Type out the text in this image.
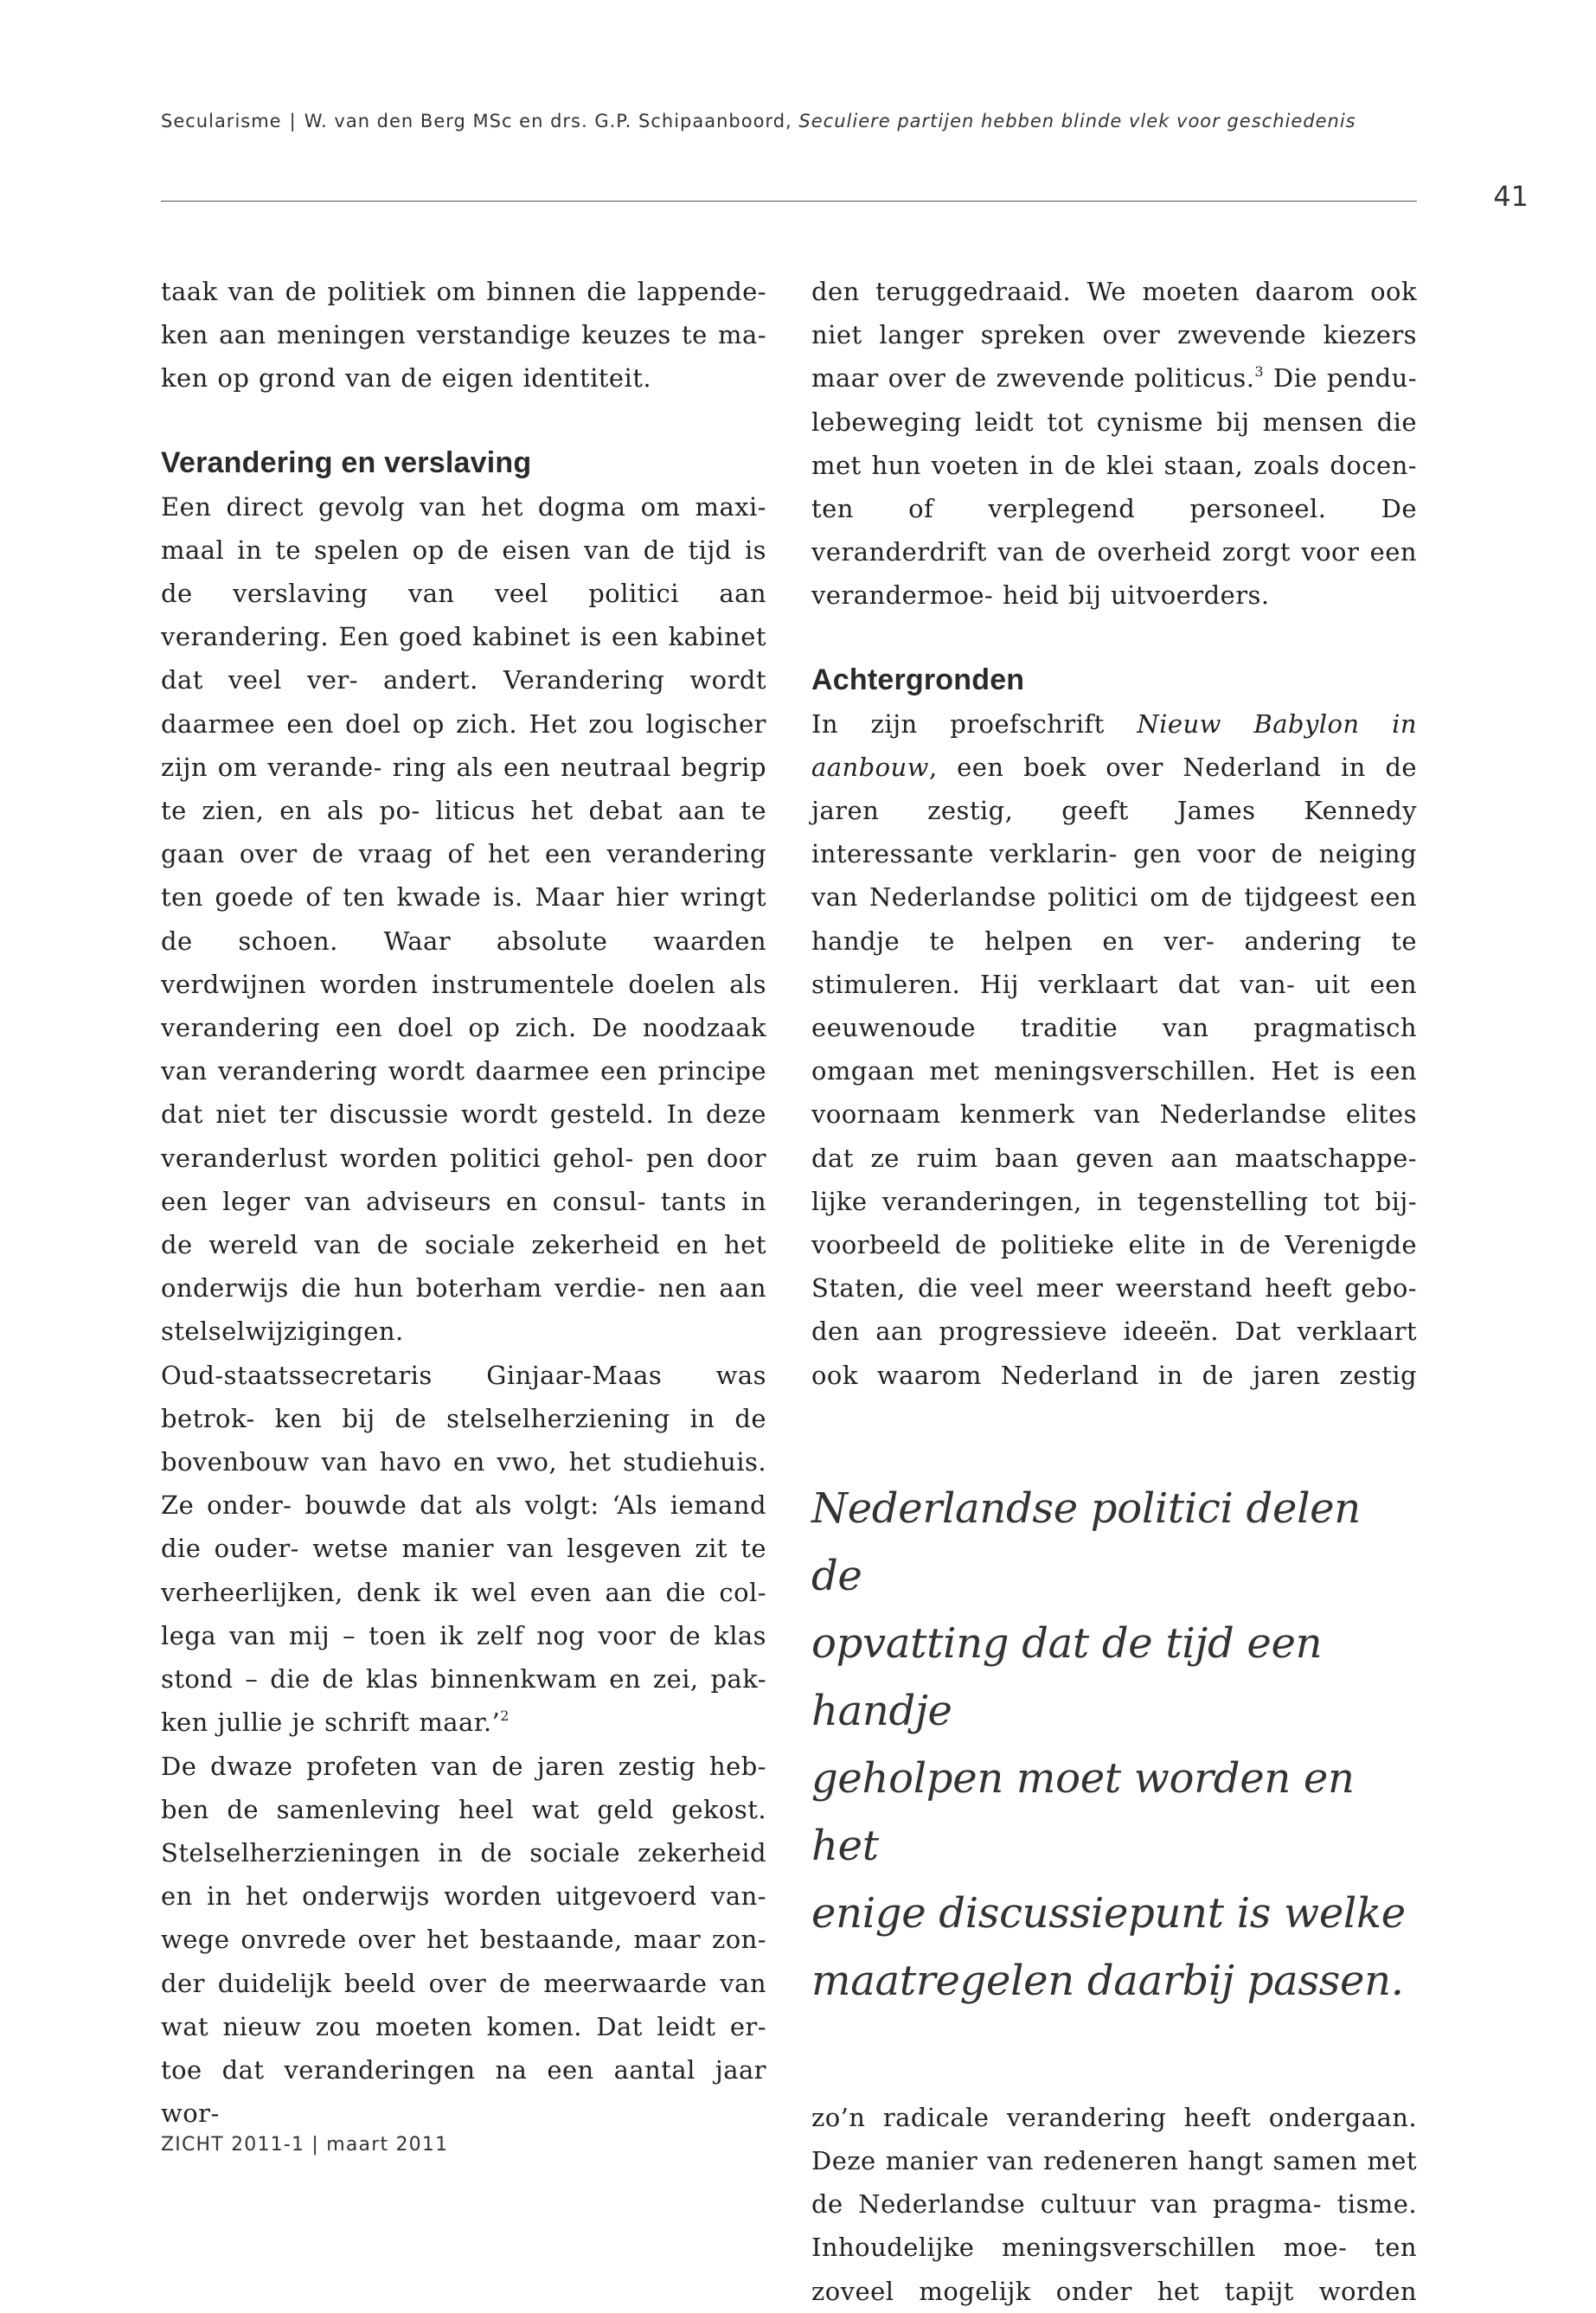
Secularisme | W. van den Berg MSc en drs. G.P. Schipaanboord, Seculiere partijen hebben blinde vlek voor geschiedenis
41

taak van de politiek om binnen die lappende- ken aan meningen verstandige keuzes te ma- ken op grond van de eigen identiteit.

Verandering en verslaving

Een direct gevolg van het dogma om maxi- maal in te spelen op de eisen van de tijd is de verslaving van veel politici aan verandering. Een goed kabinet is een kabinet dat veel ver- andert. Verandering wordt daarmee een doel op zich. Het zou logischer zijn om verande- ring als een neutraal begrip te zien, en als po- liticus het debat aan te gaan over de vraag of het een verandering ten goede of ten kwade is. Maar hier wringt de schoen. Waar absolute waarden verdwijnen worden instrumentele doelen als verandering een doel op zich. De noodzaak van verandering wordt daarmee een principe dat niet ter discussie wordt gesteld. In deze veranderlust worden politici gehol- pen door een leger van adviseurs en consul- tants in de wereld van de sociale zekerheid en het onderwijs die hun boterham verdie- nen aan stelselwijzigingen.

Oud-staatssecretaris Ginjaar-Maas was betrok- ken bij de stelselherziening in de bovenbouw van havo en vwo, het studiehuis. Ze onder- bouwde dat als volgt: ‘Als iemand die ouder- wetse manier van lesgeven zit te verheerlijken, denk ik wel even aan die col- lega van mij – toen ik zelf nog voor de klas stond – die de klas binnenkwam en zei, pak- ken jullie je schrift maar.’$^2$

De dwaze profeten van de jaren zestig heb- ben de samenleving heel wat geld gekost. Stelselherzieningen in de sociale zekerheid en in het onderwijs worden uitgevoerd van- wege onvrede over het bestaande, maar zon- der duidelijk beeld over de meerwaarde van wat nieuw zou moeten komen. Dat leidt er- toe dat veranderingen na een aantal jaar wor-

den teruggedraaid. We moeten daarom ook niet langer spreken over zwevende kiezers maar over de zwevende politicus.$^3$ Die pendu- lebeweging leidt tot cynisme bij mensen die met hun voeten in de klei staan, zoals docen- ten of verplegend personeel. De veranderdrift van de overheid zorgt voor een verandermoe- heid bij uitvoerders.

Achtergronden

In zijn proefschrift Nieuw Babylon in aanbouw, een boek over Nederland in de jaren zestig, geeft James Kennedy interessante verklarin- gen voor de neiging van Nederlandse politici om de tijdgeest een handje te helpen en ver- andering te stimuleren. Hij verklaart dat van- uit een eeuwenoude traditie van pragmatisch omgaan met meningsverschillen. Het is een voornaam kenmerk van Nederlandse elites dat ze ruim baan geven aan maatschappe- lijke veranderingen, in tegenstelling tot bij- voorbeeld de politieke elite in de Verenigde Staten, die veel meer weerstand heeft gebo- den aan progressieve ideeën. Dat verklaart ook waarom Nederland in de jaren zestig

Nederlandse politici delen de
opvatting dat de tijd een handje
geholpen moet worden en het
enige discussiepunt is welke
maatregelen daarbij passen.

zo’n radicale verandering heeft ondergaan. Deze manier van redeneren hangt samen met de Nederlandse cultuur van pragma- tisme. Inhoudelijke meningsverschillen moe- ten zoveel mogelijk onder het tapijt worden

ZICHT 2011-1 | maart 2011
